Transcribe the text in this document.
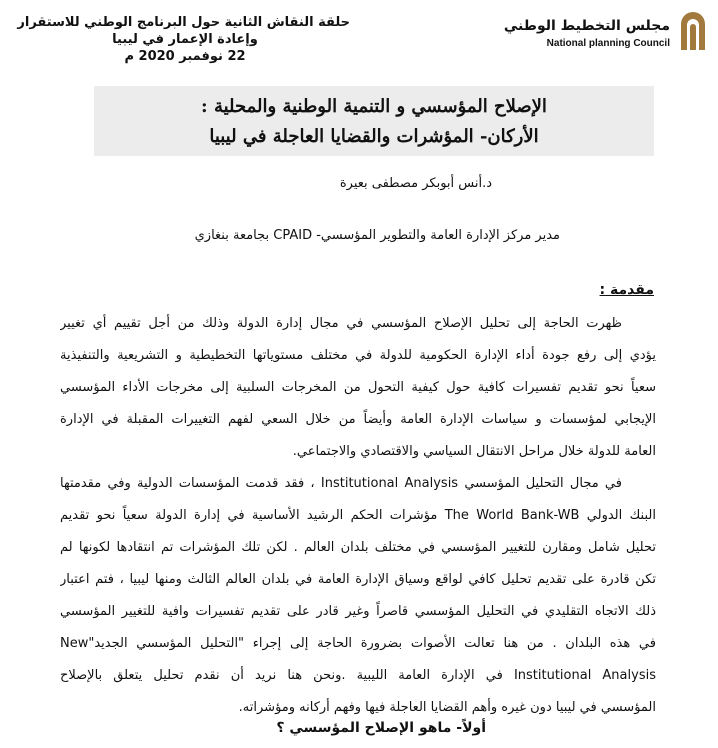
مجلس التخطيط الوطني
National planning Council
حلقة النقاش الثانية حول البرنامج الوطني للاستقرار
وإعادة الإعمار في ليبيا
22 نوفمبر 2020 م
الإصلاح المؤسسي و التنمية الوطنية والمحلية :
الأركان- المؤشرات والقضايا العاجلة في ليبيا
د.أنس أبوبكر مصطفى بعيرة
مدير مركز الإدارة العامة والتطوير المؤسسي- CPAID بجامعة بنغازي
مقدمة :
ظهرت الحاجة إلى تحليل الإصلاح المؤسسي في مجال إدارة الدولة وذلك من أجل تقييم أي تغيير
يؤدي إلى رفع جودة أداء الإدارة الحكومية للدولة في مختلف مستوياتها التخطيطية و التشريعية والتنفيذية
سعياً نحو تقديم تفسيرات كافية حول كيفية التحول من المخرجات السلبية إلى مخرجات الأداء المؤسسي
الإيجابي لمؤسسات و سياسات الإدارة العامة وأيضاً من خلال السعي لفهم التغييرات المقبلة في الإدارة
العامة للدولة خلال مراحل الانتقال السياسي والاقتصادي والاجتماعي.
في مجال التحليل المؤسسي Institutional Analysis ، فقد قدمت المؤسسات الدولية وفي مقدمتها
البنك الدولي The World Bank-WB مؤشرات الحكم الرشيد الأساسية في إدارة الدولة سعياً نحو تقديم
تحليل شامل ومقارن للتغيير المؤسسي في مختلف بلدان العالم . لكن تلك المؤشرات تم انتقادها لكونها لم
تكن قادرة على تقديم تحليل كافي لواقع وسياق الإدارة العامة في بلدان العالم الثالث ومنها ليبيا ، فتم اعتبار
ذلك الاتجاه التقليدي في التحليل المؤسسي قاصراً وغير قادر على تقديم تفسيرات وافية للتغيير المؤسسي
في هذه البلدان . من هنا تعالت الأصوات بضرورة الحاجة إلى إجراء "التحليل المؤسسي الجديد"New
Institutional Analysis في الإدارة العامة الليبية .ونحن هنا نريد أن نقدم تحليل يتعلق بالإصلاح
المؤسسي في ليبيا دون غيره وأهم القضايا العاجلة فيها وفهم أركانه ومؤشراته.
أولاً- ماهو الإصلاح المؤسسي ؟
